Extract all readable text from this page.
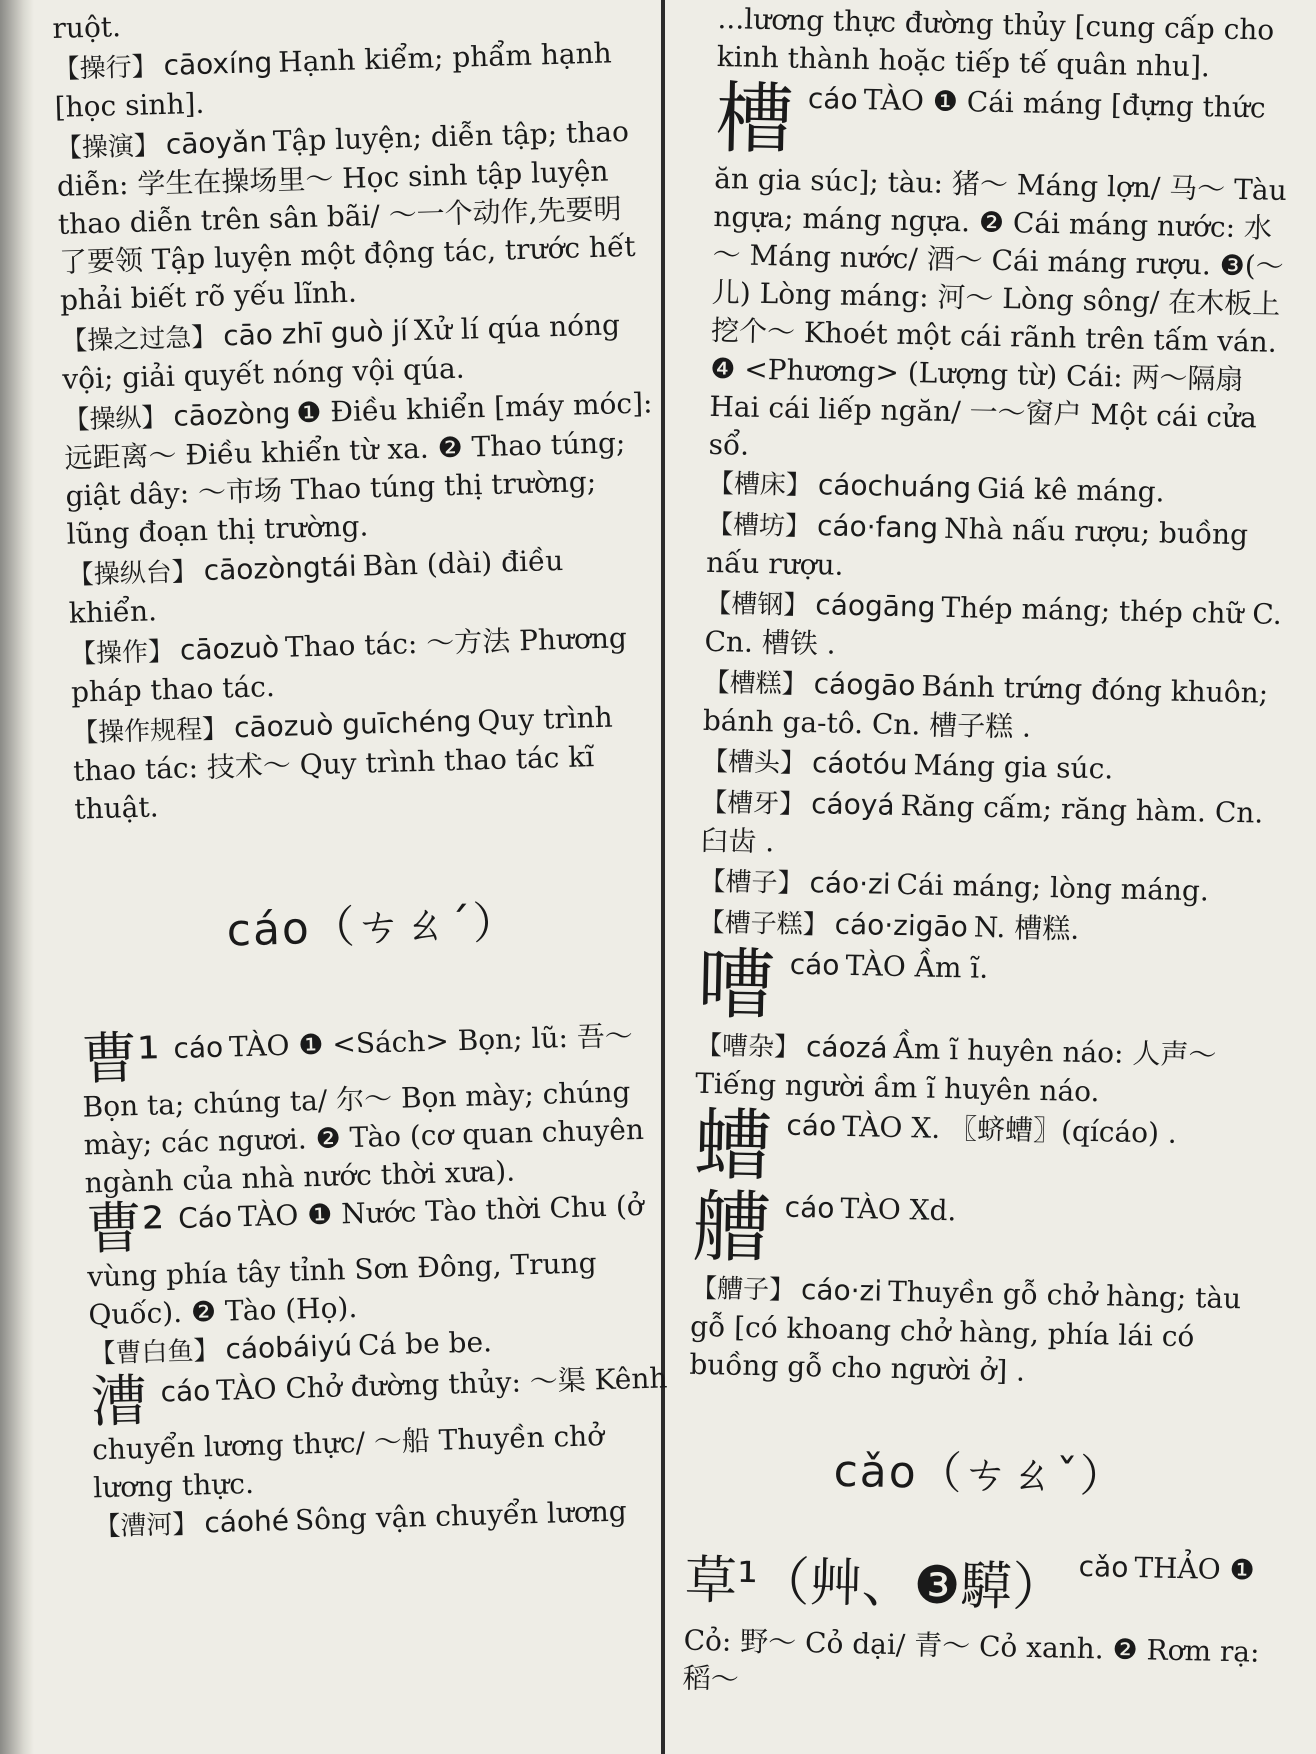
ruột.
【操行】 cāoxíng Hạnh kiểm; phẩm hạnh [học sinh].
【操演】 cāoyǎn Tập luyện; diễn tập; thao diễn: 学生在操场里～ Học sinh tập luyện thao diễn trên sân bãi/ ～一个动作,先要明了要领 Tập luyện một động tác, trước hết phải biết rõ yếu lĩnh.
【操之过急】 cāo zhī guò jí Xử lí qúa nóng vội; giải quyết nóng vội qúa.
【操纵】 cāozòng ❶ Điều khiển [máy móc]: 远距离～ Điều khiển từ xa. ❷ Thao túng; giật dây: ～市场 Thao túng thị trường; lũng đoạn thị trường.
【操纵台】 cāozòngtái Bàn (dài) điều khiển.
【操作】 cāozuò Thao tác: ～方法 Phương pháp thao tác.
【操作规程】 cāozuò guīchéng Quy trình thao tác: 技术～ Quy trình thao tác kĩ thuật.
cáo（ㄘㄠˊ）
曹¹ cáo TÀO ❶ <Sách> Bọn; lũ: 吾～ Bọn ta; chúng ta/ 尔～ Bọn mày; chúng mày; các ngươi. ❷ Tào (cơ quan chuyên ngành của nhà nước thời xưa).
曹² Cáo TÀO ❶ Nước Tào thời Chu (ở vùng phía tây tỉnh Sơn Đông, Trung Quốc). ❷ Tào (Họ).
【曹白鱼】 cáobáiyú Cá be be.
漕cáo TÀO Chở đường thủy: ～渠 Kênh chuyển lương thực/ ～船 Thuyền chở lương thực.
【漕河】 cáohé Sông vận chuyển lương
...lương thực đường thủy [cung cấp cho kinh thành hoặc tiếp tế quân nhu].
槽cáo TÀO ❶ Cái máng [đựng thức ăn gia súc]; tàu: 猪～ Máng lợn/ 马～ Tàu ngựa; máng ngựa. ❷ Cái máng nước: 水～ Máng nước/ 酒～ Cái máng rượu. ❸(～儿) Lòng máng: 河～ Lòng sông/ 在木板上挖个～ Khoét một cái rãnh trên tấm ván. ❹ <Phương> (Lượng từ) Cái: 两～隔扇 Hai cái liếp ngăn/ 一～窗户 Một cái cửa sổ.
【槽床】 cáochuáng Giá kê máng.
【槽坊】 cáo·fang Nhà nấu rượu; buồng nấu rượu.
【槽钢】 cáogāng Thép máng; thép chữ C. Cn. 槽铁 .
【槽糕】 cáogāo Bánh trứng đóng khuôn; bánh ga-tô. Cn. 槽子糕 .
【槽头】 cáotóu Máng gia súc.
【槽牙】 cáoyá Răng cấm; răng hàm. Cn. 臼齿 .
【槽子】 cáo·zi Cái máng; lòng máng.
【槽子糕】 cáo·zigāo N. 槽糕.
嘈cáo TÀO Ầm ĩ.
【嘈杂】 cáozá Ầm ĩ huyên náo: 人声～ Tiếng người ầm ĩ huyên náo.
螬cáo TÀO X. 〖蛴螬〗(qícáo) .
艚cáo TÀO Xd.
【艚子】 cáo·zi Thuyền gỗ chở hàng; tàu gỗ [có khoang chở hàng, phía lái có buồng gỗ cho người ở] .
cǎo（ㄘㄠˇ）
草¹（艸、❸騲） cǎo THẢO ❶ Cỏ: 野～ Cỏ dại/ 青～ Cỏ xanh. ❷ Rơm rạ: 稻～
